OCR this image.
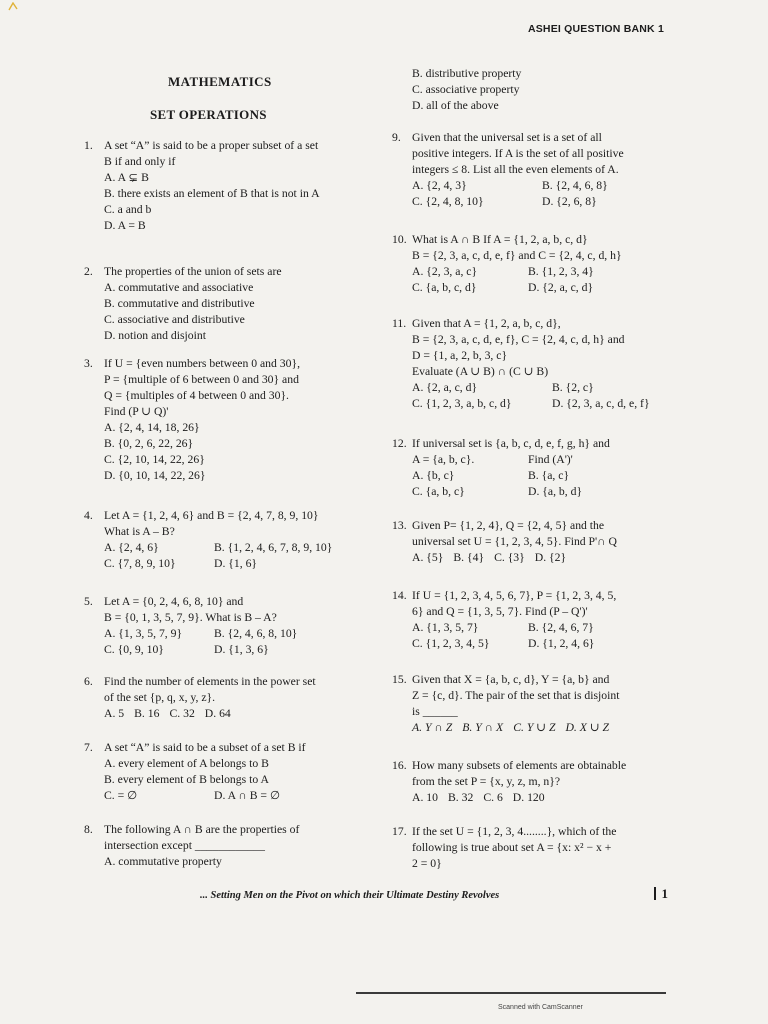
ASHEI QUESTION BANK 1
MATHEMATICS
SET OPERATIONS
1. A set “A” is said to be a proper subset of a set
B if and only if
A. A ⊊ B
B. there exists an element of B that is not in A
C. a and b
D. A = B
2. The properties of the union of sets are
A. commutative and associative
B. commutative and distributive
C. associative and distributive
D. notion and disjoint
3. If U = {even numbers between 0 and 30},
P = {multiple of 6 between 0 and 30} and
Q = {multiples of 4 between 0 and 30}.
Find (P ∪ Q)'
A. {2, 4, 14, 18, 26}
B. {0, 2, 6, 22, 26}
C. {2, 10, 14, 22, 26}
D. {0, 10, 14, 22, 26}
4. Let A = {1, 2, 4, 6} and B = {2, 4, 7, 8, 9, 10}
What is A – B?
A. {2, 4, 6}	B. {1, 2, 4, 6, 7, 8, 9, 10}
C. {7, 8, 9, 10}	D. {1, 6}
5. Let A = {0, 2, 4, 6, 8, 10} and
B = {0, 1, 3, 5, 7, 9}. What is B – A?
A. {1, 3, 5, 7, 9}	B. {2, 4, 6, 8, 10}
C. {0, 9, 10}	D. {1, 3, 6}
6. Find the number of elements in the power set
of the set {p, q, x, y, z}.
A. 5 B. 16 C. 32 D. 64
7. A set “A” is said to be a subset of a set B if
A. every element of A belongs to B
B. every element of B belongs to A
C. = ∅	D. A ∩ B = ∅
8. The following A ∩ B are the properties of
intersection except ____________
A. commutative property
B. distributive property
C. associative property
D. all of the above
9. Given that the universal set is a set of all
positive integers. If A is the set of all positive
integers ≤ 8. List all the even elements of A.
A. {2, 4, 3}	B. {2, 4, 6, 8}
C. {2, 4, 8, 10}	D. {2, 6, 8}
10. What is A ∩ B If A = {1, 2, a, b, c, d}
B = {2, 3, a, c, d, e, f} and C = {2, 4, c, d, h}
A. {2, 3, a, c}	B. {1, 2, 3, 4}
C. {a, b, c, d}	D. {2, a, c, d}
11. Given that A = {1, 2, a, b, c, d},
B = {2, 3, a, c, d, e, f}, C = {2, 4, c, d, h} and
D = {1, a, 2, b, 3, c}
Evaluate (A ∪ B) ∩ (C ∪ B)
A. {2, a, c, d}	B. {2, c}
C. {1, 2, 3, a, b, c, d}	D. {2, 3, a, c, d, e, f}
12. If universal set is {a, b, c, d, e, f, g, h} and
A = {a, b, c}.	Find (A')'
A. {b, c}	B. {a, c}
C. {a, b, c}	D. {a, b, d}
13. Given P= {1, 2, 4}, Q = {2, 4, 5} and the
universal set U = {1, 2, 3, 4, 5}. Find P'∩ Q
A. {5} B. {4} C. {3} D. {2}
14. If U = {1, 2, 3, 4, 5, 6, 7}, P = {1, 2, 3, 4, 5,
6} and Q = {1, 3, 5, 7}. Find (P – Q')'
A. {1, 3, 5, 7}	B. {2, 4, 6, 7}
C. {1, 2, 3, 4, 5}	D. {1, 2, 4, 6}
15. Given that X = {a, b, c, d}, Y = {a, b} and
Z = {c, d}. The pair of the set that is disjoint
is ______
A. Y ∩ Z B. Y ∩ X C. Y ∪ Z D. X ∪ Z
16. How many subsets of elements are obtainable
from the set P = {x, y, z, m, n}?
A. 10 B. 32 C. 6 D. 120
17. If the set U = {1, 2, 3, 4........}, which of the
following is true about set A = {x: x² − x +
2 = 0}
... Setting Men on the Pivot on which their Ultimate Destiny Revolves	1
Scanned with CamScanner
